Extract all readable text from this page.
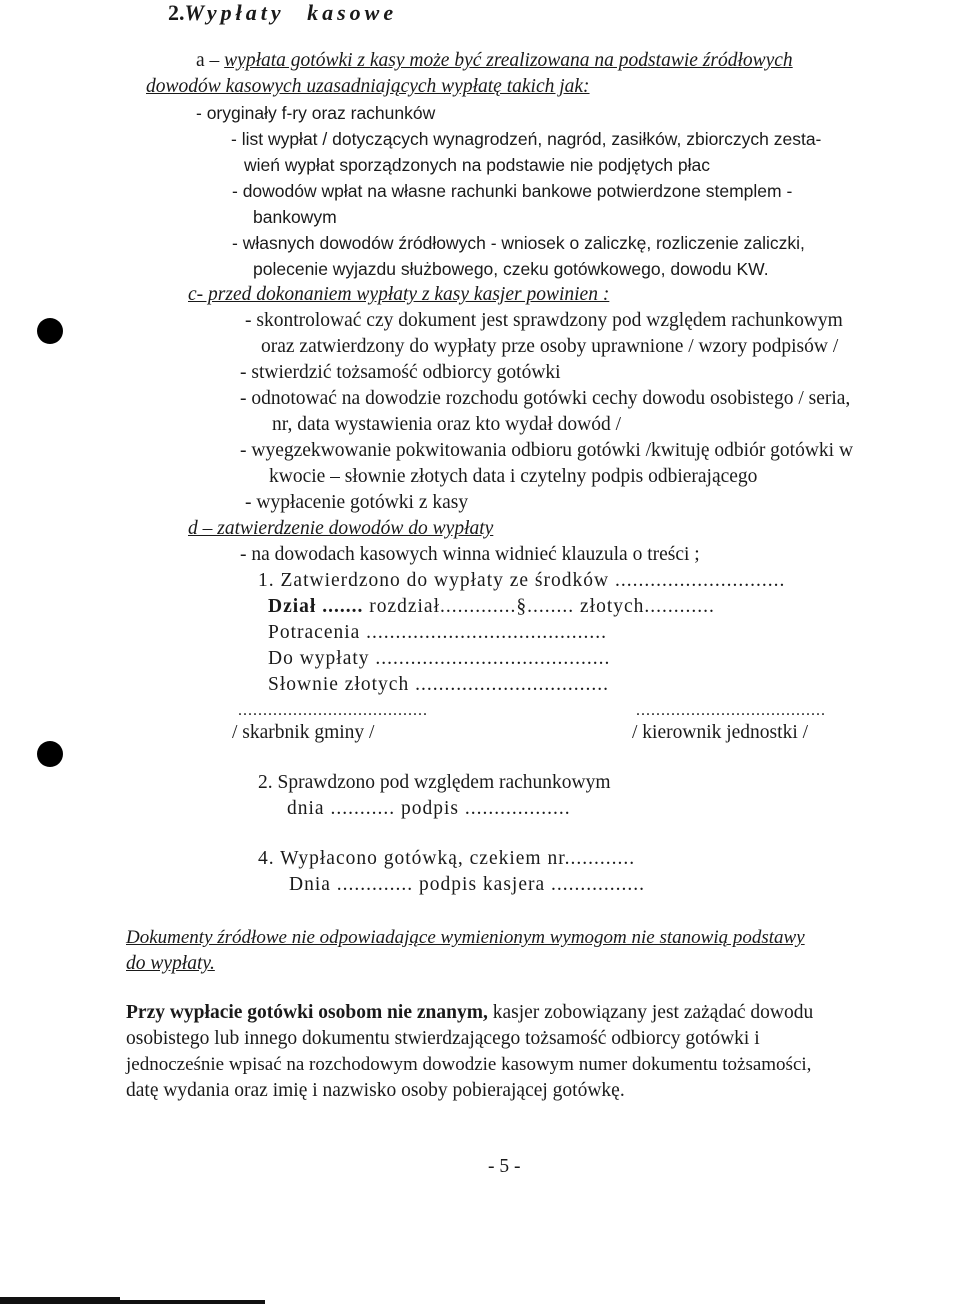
2.Wypłaty kasowe
a – wypłata gotówki z kasy może być zrealizowana na podstawie źródłowych
dowodów kasowych uzasadniających wypłatę takich jak:
- oryginały f-ry oraz rachunków
- list wypłat / dotyczących wynagrodzeń, nagród, zasiłków, zbiorczych zesta-
wień wypłat sporządzonych na podstawie nie podjętych płac
- dowodów wpłat na własne rachunki bankowe potwierdzone stemplem -
bankowym
- własnych dowodów źródłowych - wniosek o zaliczkę, rozliczenie zaliczki,
polecenie wyjazdu służbowego, czeku gotówkowego, dowodu KW.
c- przed dokonaniem wypłaty z kasy kasjer powinien :
- skontrolować czy dokument jest sprawdzony pod względem rachunkowym
oraz zatwierdzony do wypłaty prze osoby uprawnione / wzory podpisów /
- stwierdzić tożsamość odbiorcy gotówki
- odnotować na dowodzie rozchodu gotówki cechy dowodu osobistego / seria,
nr, data wystawienia oraz kto wydał dowód /
- wyegzekwowanie pokwitowania odbioru gotówki /kwituję odbiór gotówki w
kwocie – słownie złotych data i czytelny podpis odbierającego
- wypłacenie gotówki z kasy
d – zatwierdzenie dowodów do wypłaty
- na dowodach kasowych winna widnieć klauzula o treści ;
1. Zatwierdzono do wypłaty ze środków .............................
Dział ....... rozdział.............§........ złotych............
Potracenia .........................................
Do wypłaty ........................................
Słownie złotych .................................
......................................	......................................
/ skarbnik gminy /	/ kierownik jednostki /
2. Sprawdzono pod względem rachunkowym
dnia ........... podpis ..................
4. Wypłacono gotówką, czekiem nr............
Dnia ............. podpis kasjera ................
Dokumenty źródłowe nie odpowiadające wymienionym wymogom nie stanowią podstawy
do wypłaty.
Przy wypłacie gotówki osobom nie znanym, kasjer zobowiązany jest zażądać dowodu
osobistego lub innego dokumentu stwierdzającego tożsamość odbiorcy gotówki i
jednocześnie wpisać na rozchodowym dowodzie kasowym numer dokumentu tożsamości,
datę wydania oraz imię i nazwisko osoby pobierającej gotówkę.
- 5 -
